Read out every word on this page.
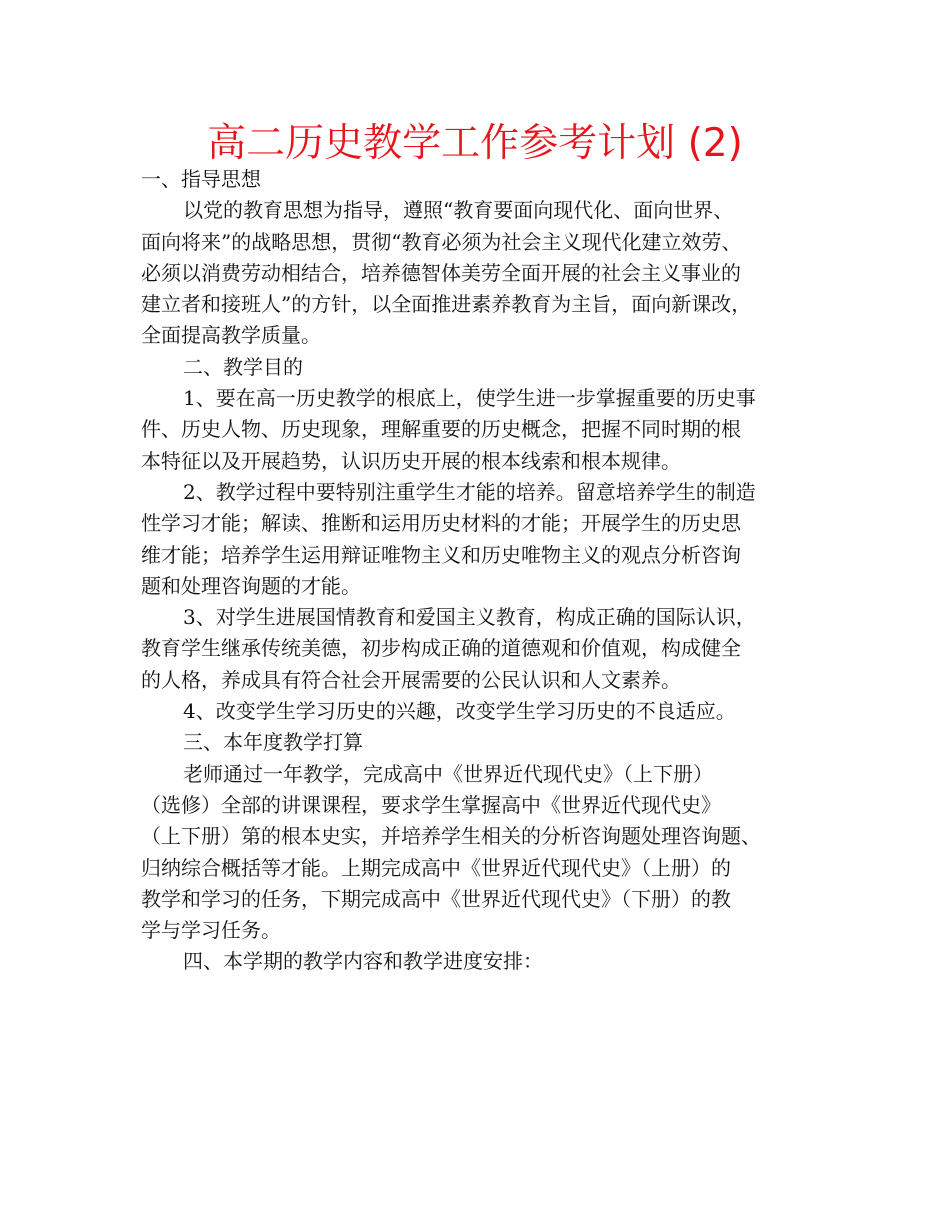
高二历史教学工作参考计划 (2)
一、指导思想
以党的教育思想为指导，遵照“教育要面向现代化、面向世界、
面向将来”的战略思想，贯彻“教育必须为社会主义现代化建立效劳、
必须以消费劳动相结合，培养德智体美劳全面开展的社会主义事业的
建立者和接班人”的方针，以全面推进素养教育为主旨，面向新课改，
全面提高教学质量。
二、教学目的
1、要在高一历史教学的根底上，使学生进一步掌握重要的历史事
件、历史人物、历史现象，理解重要的历史概念，把握不同时期的根
本特征以及开展趋势，认识历史开展的根本线索和根本规律。
2、教学过程中要特别注重学生才能的培养。留意培养学生的制造
性学习才能；解读、推断和运用历史材料的才能；开展学生的历史思
维才能；培养学生运用辩证唯物主义和历史唯物主义的观点分析咨询
题和处理咨询题的才能。
3、对学生进展国情教育和爱国主义教育，构成正确的国际认识，
教育学生继承传统美德，初步构成正确的道德观和价值观，构成健全
的人格，养成具有符合社会开展需要的公民认识和人文素养。
4、改变学生学习历史的兴趣，改变学生学习历史的不良适应。
三、本年度教学打算
老师通过一年教学，完成高中《世界近代现代史》（上下册）
（选修）全部的讲课课程，要求学生掌握高中《世界近代现代史》
（上下册）第的根本史实，并培养学生相关的分析咨询题处理咨询题、
归纳综合概括等才能。上期完成高中《世界近代现代史》（上册）的
教学和学习的任务，下期完成高中《世界近代现代史》（下册）的教
学与学习任务。
四、本学期的教学内容和教学进度安排：
